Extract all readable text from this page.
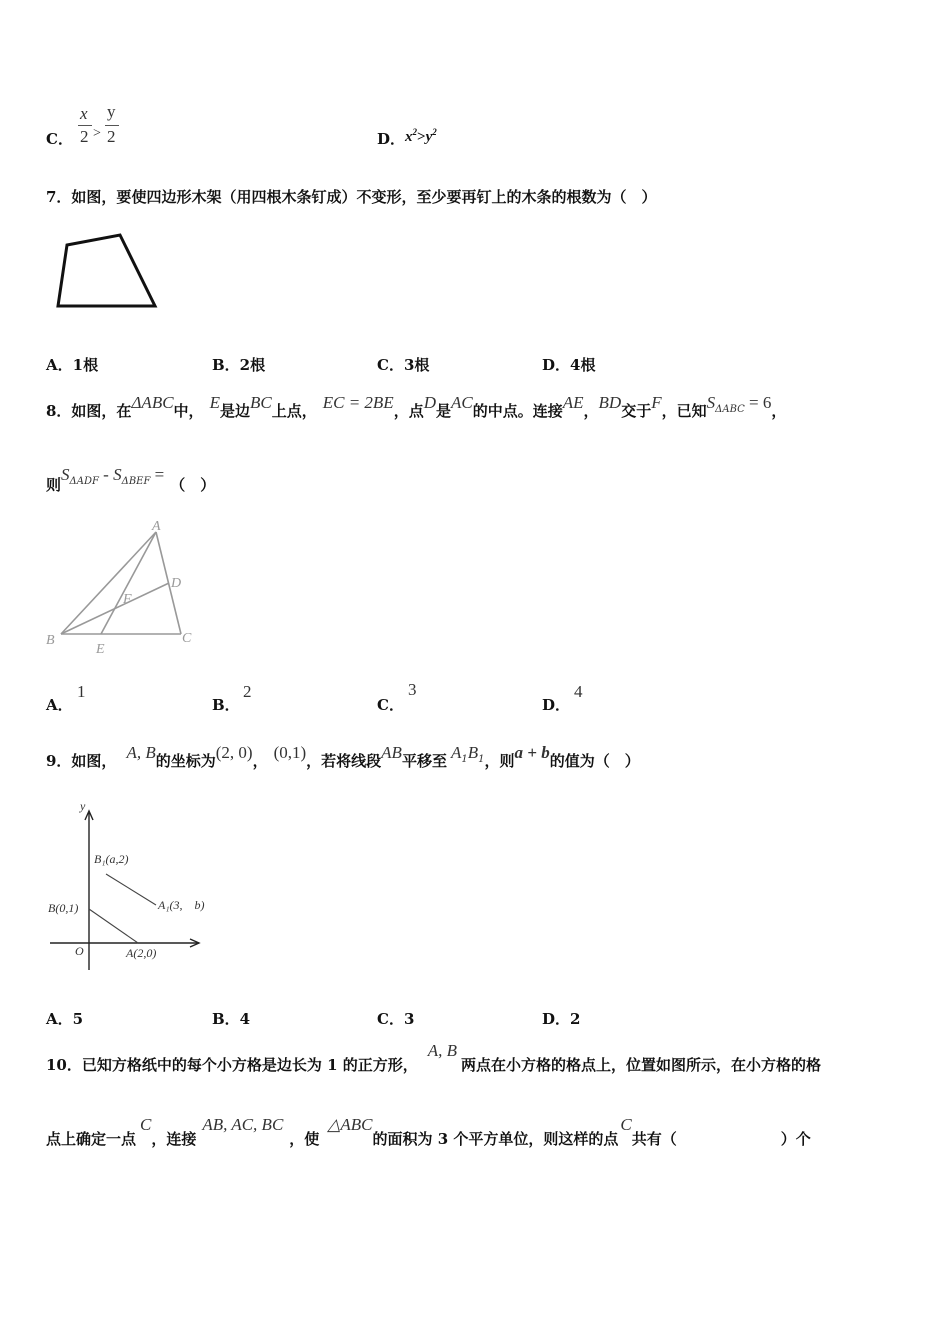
C．
x
2 >
y
2	D． $x^2>y^2$
7．如图，要使四边形木架（用四根木条钉成）不变形，至少要再钉上的木条的根数为（　）
A．1根	B．2根	C．3根	D．4根
8．如图，在ΔABC中， E是边BC上点， EC = 2BE，点D是AC的中点。连接AE，BD交于F，已知$S_{\Delta ABC} = 6$，
则$S_{\Delta ADF} - S_{\Delta BEF}$ =（　）
A
B	C
D
E
F
A．
1
B．
2
C．
3
D．
4
9．如图， A, B的坐标为(2, 0)， (0,1)，若将线段AB平移至 $A_1B_1$，则a + b的值为（　）
y
O
B₁(a,2)
A₁(3,　b)
B(0,1)
A(2,0)
A．5	B．4	C．3	D．2
10．已知方格纸中的每个小方格是边长为 1 的正方形，A, B两点在小方格的格点上，位置如图所示，在小方格的格
点上确定一点C，连接AB, AC, BC，使△ABC的面积为 3 个平方单位，则这样的点C共有（	）个
